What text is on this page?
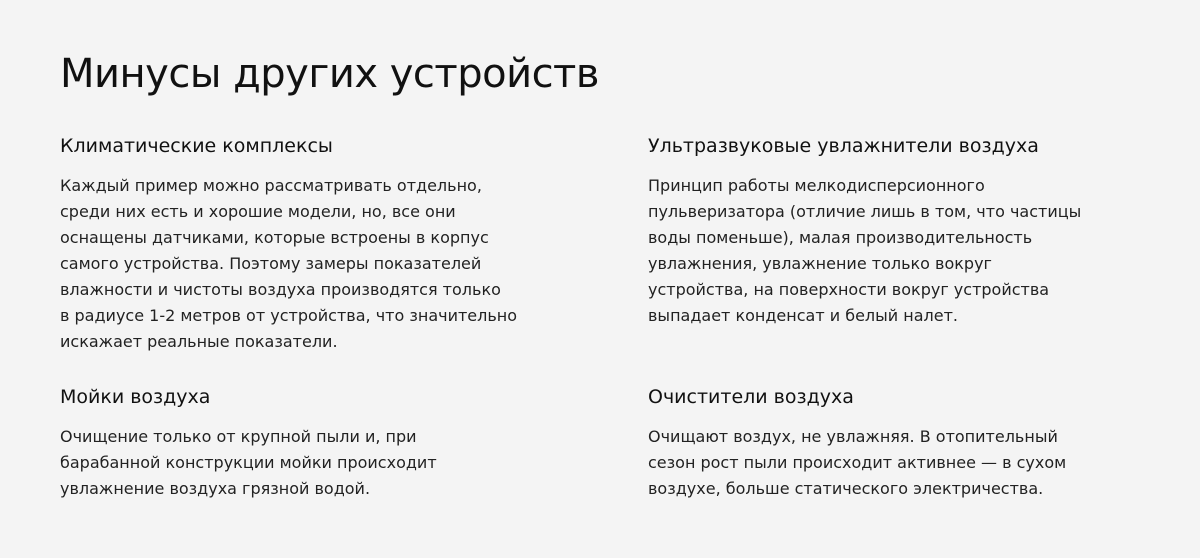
Минусы других устройств
Климатические комплексы

Каждый пример можно рассматривать отдельно,
среди них есть и хорошие модели, но, все они
оснащены датчиками, которые встроены в корпус
самого устройства. Поэтому замеры показателей
влажности и чистоты воздуха производятся только
в радиусе 1-2 метров от устройства, что значительно
искажает реальные показатели.

Ультразвуковые увлажнители воздуха

Принцип работы мелкодисперсионного
пульверизатора (отличие лишь в том, что частицы
воды поменьше), малая производительность
увлажнения, увлажнение только вокруг
устройства, на поверхности вокруг устройства
выпадает конденсат и белый налет.

Мойки воздуха

Очищение только от крупной пыли и, при
барабанной конструкции мойки происходит
увлажнение воздуха грязной водой.

Очистители воздуха

Очищают воздух, не увлажняя. В отопительный
сезон рост пыли происходит активнее — в сухом
воздухе, больше статического электричества.
